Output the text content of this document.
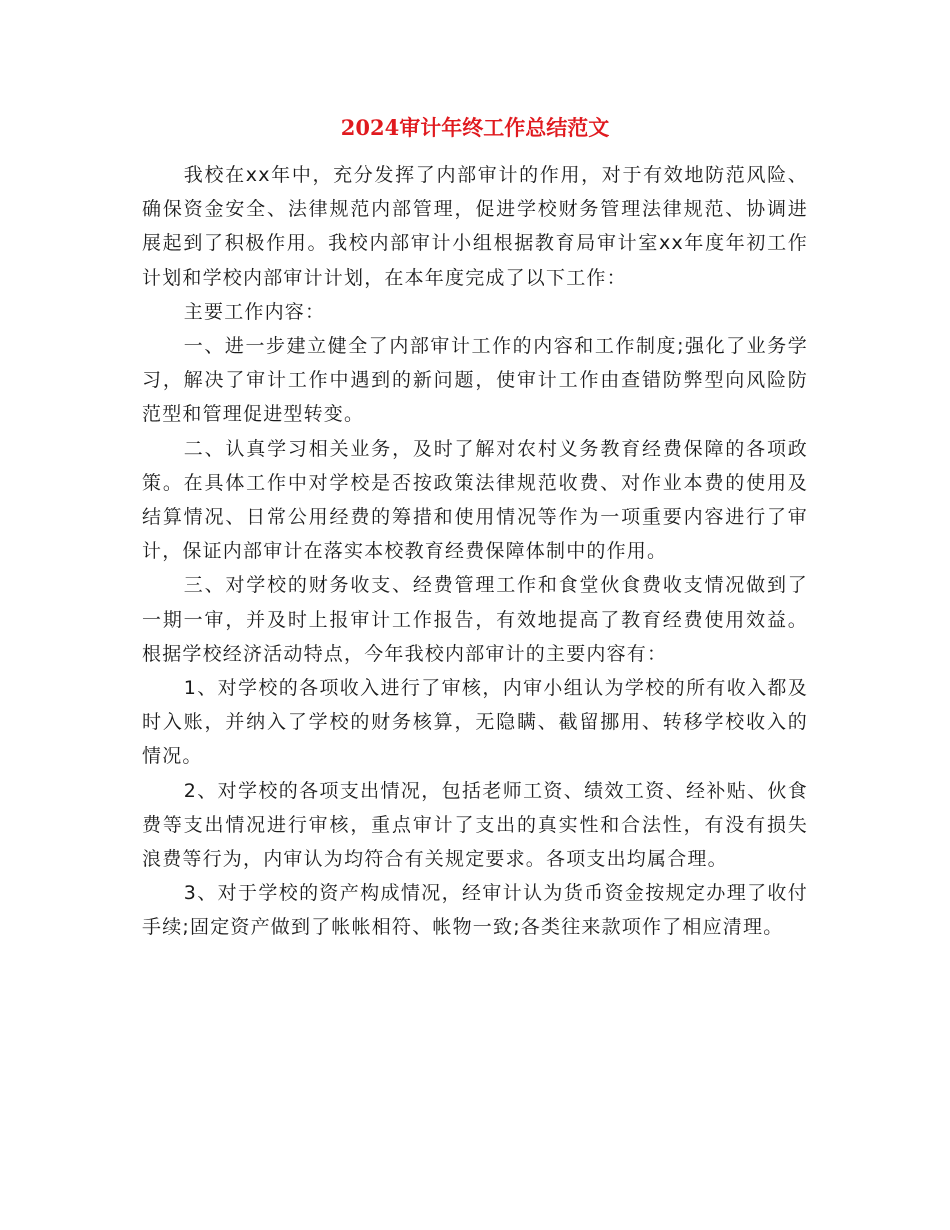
2024审计年终工作总结范文

我校在xx年中，充分发挥了内部审计的作用，对于有效地防范风险、确保资金安全、法律规范内部管理，促进学校财务管理法律规范、协调进展起到了积极作用。我校内部审计小组根据教育局审计室xx年度年初工作计划和学校内部审计计划，在本年度完成了以下工作：

主要工作内容：

一、进一步建立健全了内部审计工作的内容和工作制度;强化了业务学习，解决了审计工作中遇到的新问题，使审计工作由查错防弊型向风险防范型和管理促进型转变。

二、认真学习相关业务，及时了解对农村义务教育经费保障的各项政策。在具体工作中对学校是否按政策法律规范收费、对作业本费的使用及结算情况、日常公用经费的筹措和使用情况等作为一项重要内容进行了审计，保证内部审计在落实本校教育经费保障体制中的作用。

三、对学校的财务收支、经费管理工作和食堂伙食费收支情况做到了一期一审，并及时上报审计工作报告，有效地提高了教育经费使用效益。根据学校经济活动特点，今年我校内部审计的主要内容有：

1、对学校的各项收入进行了审核，内审小组认为学校的所有收入都及时入账，并纳入了学校的财务核算，无隐瞒、截留挪用、转移学校收入的情况。

2、对学校的各项支出情况，包括老师工资、绩效工资、经补贴、伙食费等支出情况进行审核，重点审计了支出的真实性和合法性，有没有损失浪费等行为，内审认为均符合有关规定要求。各项支出均属合理。

3、对于学校的资产构成情况，经审计认为货币资金按规定办理了收付手续;固定资产做到了帐帐相符、帐物一致;各类往来款项作了相应清理。
